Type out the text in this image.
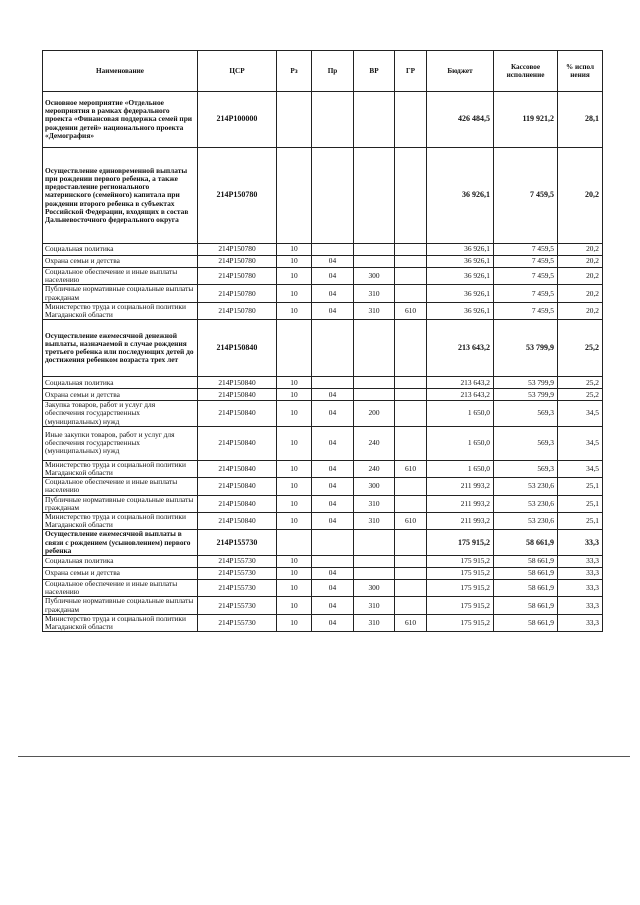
Наименование	ЦСР	Рз	Пр	ВР	ГР	Бюджет	Кассовое исполнение	% испол нения
Основное мероприятие «Отдельное мероприятия в рамках федерального проекта «Финансовая поддержка семей при рождении детей» национального проекта «Демография»	214P100000					426 484,5	119 921,2	28,1
Осуществление единовременной выплаты при рождении первого ребенка, а также предоставление регионального материнского (семейного) капитала при рождении второго ребенка в субъектах Российской Федерации, входящих в состав Дальневосточного федерального округа	214P150780					36 926,1	7 459,5	20,2
Социальная политика	214P150780	10				36 926,1	7 459,5	20,2
Охрана семьи и детства	214P150780	10	04			36 926,1	7 459,5	20,2
Социальное обеспечение и иные выплаты населению	214P150780	10	04	300		36 926,1	7 459,5	20,2
Публичные нормативные социальные выплаты гражданам	214P150780	10	04	310		36 926,1	7 459,5	20,2
Министерство труда и социальной политики Магаданской области	214P150780	10	04	310	610	36 926,1	7 459,5	20,2
Осуществление ежемесячной денежной выплаты, назначаемой в случае рождения третьего ребенка или последующих детей до достижения ребенком возраста трех лет	214P150840					213 643,2	53 799,9	25,2
Социальная политика	214P150840	10				213 643,2	53 799,9	25,2
Охрана семьи и детства	214P150840	10	04			213 643,2	53 799,9	25,2
Закупка товаров, работ и услуг для обеспечения государственных (муниципальных) нужд	214P150840	10	04	200		1 650,0	569,3	34,5
Иные закупки товаров, работ и услуг для обеспечения государственных (муниципальных) нужд	214P150840	10	04	240		1 650,0	569,3	34,5
Министерство труда и социальной политики Магаданской области	214P150840	10	04	240	610	1 650,0	569,3	34,5
Социальное обеспечение и иные выплаты населению	214P150840	10	04	300		211 993,2	53 230,6	25,1
Публичные нормативные социальные выплаты гражданам	214P150840	10	04	310		211 993,2	53 230,6	25,1
Министерство труда и социальной политики Магаданской области	214P150840	10	04	310	610	211 993,2	53 230,6	25,1
Осуществление ежемесячной выплаты в связи с рождением (усыновлением) первого ребенка	214P155730					175 915,2	58 661,9	33,3
Социальная политика	214P155730	10				175 915,2	58 661,9	33,3
Охрана семьи и детства	214P155730	10	04			175 915,2	58 661,9	33,3
Социальное обеспечение и иные выплаты населению	214P155730	10	04	300		175 915,2	58 661,9	33,3
Публичные нормативные социальные выплаты гражданам	214P155730	10	04	310		175 915,2	58 661,9	33,3
Министерство труда и социальной политики Магаданской области	214P155730	10	04	310	610	175 915,2	58 661,9	33,3
